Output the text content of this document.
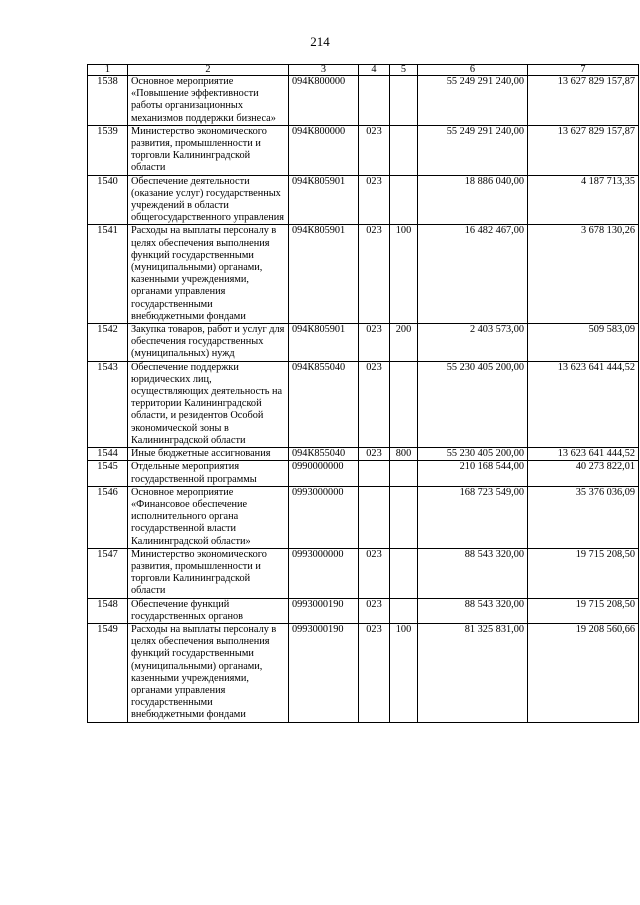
214
1	2	3	4	5	6	7
1538	Основное мероприятие «Повышение эффективности работы организационных механизмов поддержки бизнеса»	094К800000			55 249 291 240,00	13 627 829 157,87
1539	Министерство экономического развития, промышленности и торговли Калининградской области	094К800000	023		55 249 291 240,00	13 627 829 157,87
1540	Обеспечение деятельности (оказание услуг) государственных учреждений в области общегосударственного управления	094К805901	023		18 886 040,00	4 187 713,35
1541	Расходы на выплаты персоналу в целях обеспечения выполнения функций государственными (муниципальными) органами, казенными учреждениями, органами управления государственными внебюджетными фондами	094К805901	023	100	16 482 467,00	3 678 130,26
1542	Закупка товаров, работ и услуг для обеспечения государственных (муниципальных) нужд	094К805901	023	200	2 403 573,00	509 583,09
1543	Обеспечение поддержки юридических лиц, осуществляющих деятельность на территории Калининградской области, и резидентов Особой экономической зоны в Калининградской области	094К855040	023		55 230 405 200,00	13 623 641 444,52
1544	Иные бюджетные ассигнования	094К855040	023	800	55 230 405 200,00	13 623 641 444,52
1545	Отдельные мероприятия государственной программы	0990000000			210 168 544,00	40 273 822,01
1546	Основное мероприятие «Финансовое обеспечение исполнительного органа государственной власти Калининградской области»	0993000000			168 723 549,00	35 376 036,09
1547	Министерство экономического развития, промышленности и торговли Калининградской области	0993000000	023		88 543 320,00	19 715 208,50
1548	Обеспечение функций государственных органов	0993000190	023		88 543 320,00	19 715 208,50
1549	Расходы на выплаты персоналу в целях обеспечения выполнения функций государственными (муниципальными) органами, казенными учреждениями, органами управления государственными внебюджетными фондами	0993000190	023	100	81 325 831,00	19 208 560,66
